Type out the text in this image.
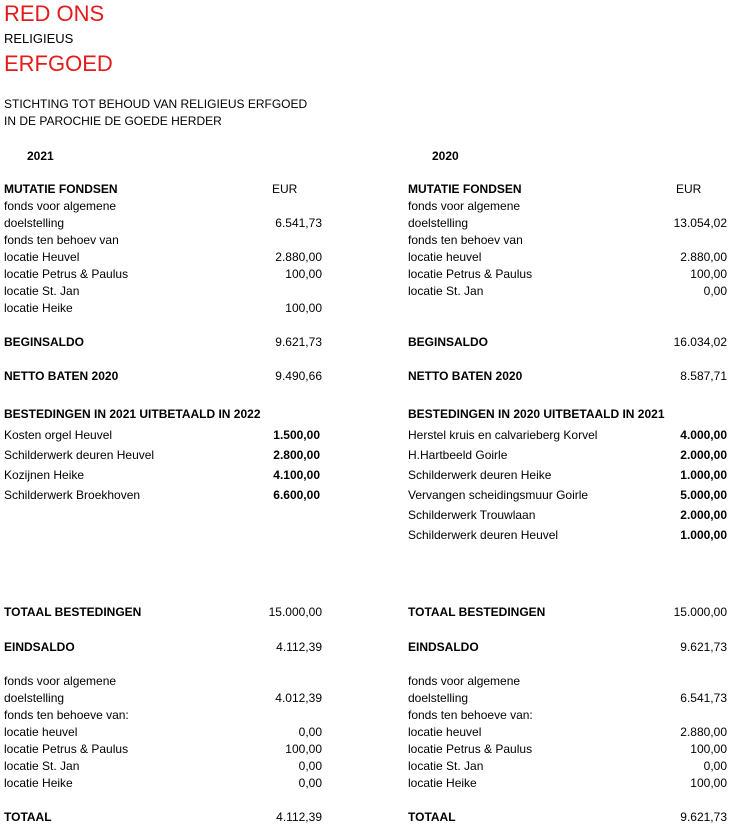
RED ONS
RELIGIEUS
ERFGOED
STICHTING TOT BEHOUD VAN RELIGIEUS ERFGOED
IN DE PAROCHIE DE GOEDE HERDER
2021
MUTATIE FONDSEN	EUR
fonds voor algemene
doelstelling	6.541,73
fonds ten behoev van
locatie Heuvel	2.880,00
locatie Petrus & Paulus	100,00
locatie St. Jan
locatie Heike	100,00
BEGINSALDO	9.621,73
NETTO BATEN 2020	9.490,66
BESTEDINGEN IN 2021 UITBETAALD IN 2022
Kosten orgel Heuvel	1.500,00
Schilderwerk deuren Heuvel	2.800,00
Kozijnen Heike	4.100,00
Schilderwerk Broekhoven	6.600,00
TOTAAL BESTEDINGEN	15.000,00
EINDSALDO	4.112,39
fonds voor algemene
doelstelling	4.012,39
fonds ten behoeve van:
locatie heuvel	0,00
locatie Petrus & Paulus	100,00
locatie St. Jan	0,00
locatie Heike	0,00
TOTAAL	4.112,39
2020
MUTATIE FONDSEN	EUR
fonds voor algemene
doelstelling	13.054,02
fonds ten behoev van
locatie heuvel	2.880,00
locatie Petrus & Paulus	100,00
locatie St. Jan	0,00
BEGINSALDO	16.034,02
NETTO BATEN 2020	8.587,71
BESTEDINGEN IN 2020 UITBETAALD IN 2021
Herstel kruis en calvarieberg Korvel	4.000,00
H.Hartbeeld Goirle	2.000,00
Schilderwerk deuren Heike	1.000,00
Vervangen scheidingsmuur Goirle	5.000,00
Schilderwerk Trouwlaan	2.000,00
Schilderwerk deuren Heuvel	1.000,00
TOTAAL BESTEDINGEN	15.000,00
EINDSALDO	9.621,73
fonds voor algemene
doelstelling	6.541,73
fonds ten behoeve van:
locatie heuvel	2.880,00
locatie Petrus & Paulus	100,00
locatie St. Jan	0,00
locatie Heike	100,00
TOTAAL	9.621,73
